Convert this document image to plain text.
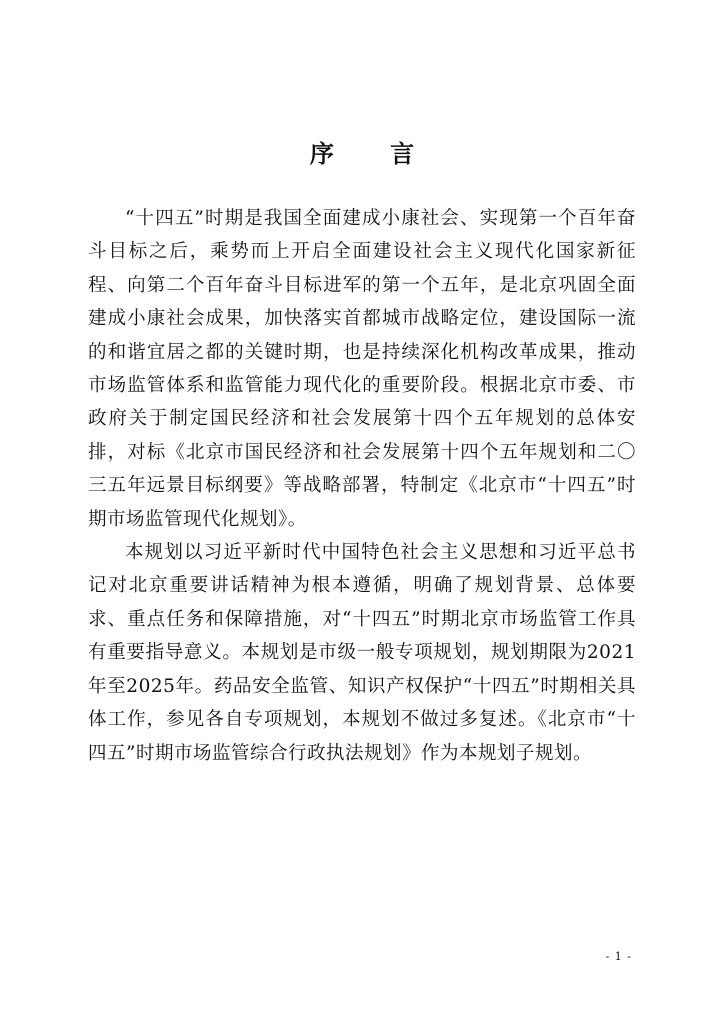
序 言

“十四五”时期是我国全面建成小康社会、实现第一个百年奋斗目标之后，乘势而上开启全面建设社会主义现代化国家新征程、向第二个百年奋斗目标进军的第一个五年，是北京巩固全面建成小康社会成果，加快落实首都城市战略定位，建设国际一流的和谐宜居之都的关键时期，也是持续深化机构改革成果，推动市场监管体系和监管能力现代化的重要阶段。根据北京市委、市政府关于制定国民经济和社会发展第十四个五年规划的总体安排，对标《北京市国民经济和社会发展第十四个五年规划和二〇三五年远景目标纲要》等战略部署，特制定《北京市“十四五”时期市场监管现代化规划》。

本规划以习近平新时代中国特色社会主义思想和习近平总书记对北京重要讲话精神为根本遵循，明确了规划背景、总体要求、重点任务和保障措施，对“十四五”时期北京市场监管工作具有重要指导意义。本规划是市级一般专项规划，规划期限为2021年至2025年。药品安全监管、知识产权保护“十四五”时期相关具体工作，参见各自专项规划，本规划不做过多复述。《北京市“十四五”时期市场监管综合行政执法规划》作为本规划子规划。

- 1 -
